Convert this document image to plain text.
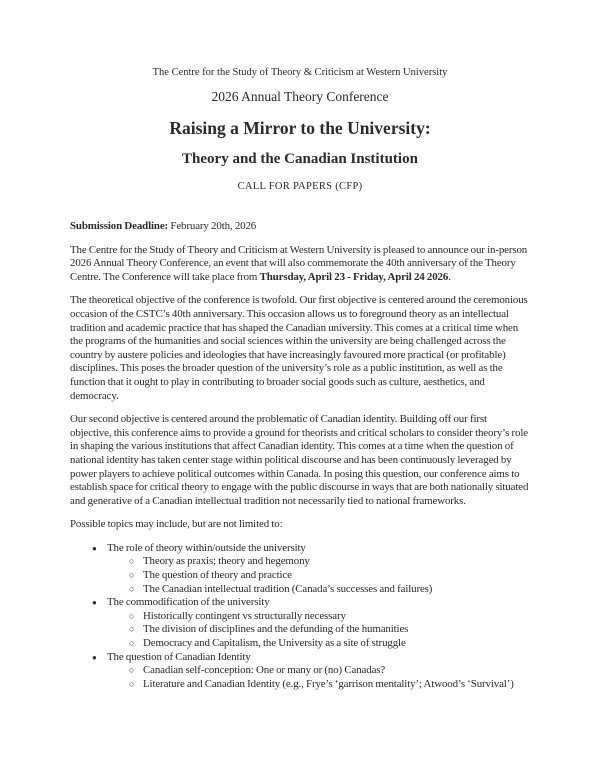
The Centre for the Study of Theory & Criticism at Western University
2026 Annual Theory Conference
Raising a Mirror to the University:
Theory and the Canadian Institution
CALL FOR PAPERS (CFP)

Submission Deadline: February 20th, 2026

The Centre for the Study of Theory and Criticism at Western University is pleased to announce our in-person 2026 Annual Theory Conference, an event that will also commemorate the 40th anniversary of the Theory Centre. The Conference will take place from Thursday, April 23 - Friday, April 24 2026.

The theoretical objective of the conference is twofold. Our first objective is centered around the ceremonious occasion of the CSTC’s 40th anniversary. This occasion allows us to foreground theory as an intellectual tradition and academic practice that has shaped the Canadian university. This comes at a critical time when the programs of the humanities and social sciences within the university are being challenged across the country by austere policies and ideologies that have increasingly favoured more practical (or profitable) disciplines. This poses the broader question of the university’s role as a public institution, as well as the function that it ought to play in contributing to broader social goods such as culture, aesthetics, and democracy.

Our second objective is centered around the problematic of Canadian identity. Building off our first objective, this conference aims to provide a ground for theorists and critical scholars to consider theory’s role in shaping the various institutions that affect Canadian identity. This comes at a time when the question of national identity has taken center stage within political discourse and has been continuously leveraged by power players to achieve political outcomes within Canada. In posing this question, our conference aims to establish space for critical theory to engage with the public discourse in ways that are both nationally situated and generative of a Canadian intellectual tradition not necessarily tied to national frameworks.

Possible topics may include, but are not limited to:

● The role of theory within/outside the university
○ Theory as praxis; theory and hegemony
○ The question of theory and practice
○ The Canadian intellectual tradition (Canada’s successes and failures)
● The commodification of the university
○ Historically contingent vs structurally necessary
○ The division of disciplines and the defunding of the humanities
○ Democracy and Capitalism, the University as a site of struggle
● The question of Canadian Identity
○ Canadian self-conception: One or many or (no) Canadas?
○ Literature and Canadian Identity (e.g., Frye’s ‘garrison mentality’; Atwood’s ‘Survival’)
